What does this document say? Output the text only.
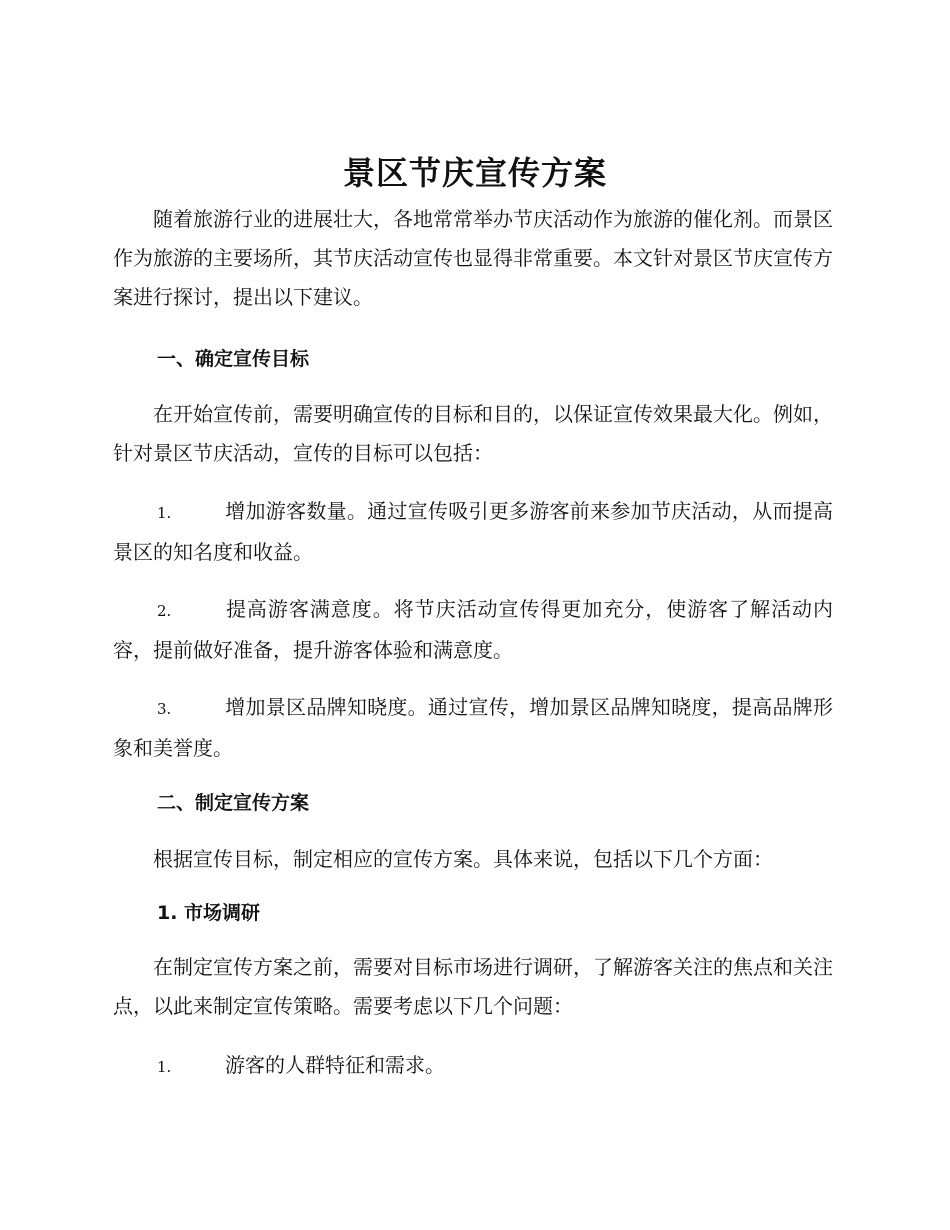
景区节庆宣传方案

随着旅游行业的进展壮大，各地常常举办节庆活动作为旅游的催化剂。而景区作为旅游的主要场所，其节庆活动宣传也显得非常重要。本文针对景区节庆宣传方案进行探讨，提出以下建议。

一、确定宣传目标

在开始宣传前，需要明确宣传的目标和目的，以保证宣传效果最大化。例如，针对景区节庆活动，宣传的目标可以包括：

1.	增加游客数量。通过宣传吸引更多游客前来参加节庆活动，从而提高景区的知名度和收益。

2.	提高游客满意度。将节庆活动宣传得更加充分，使游客了解活动内容，提前做好准备，提升游客体验和满意度。

3.	增加景区品牌知晓度。通过宣传，增加景区品牌知晓度，提高品牌形象和美誉度。

二、制定宣传方案

根据宣传目标，制定相应的宣传方案。具体来说，包括以下几个方面：

1. 市场调研

在制定宣传方案之前，需要对目标市场进行调研，了解游客关注的焦点和关注点，以此来制定宣传策略。需要考虑以下几个问题：

1.	游客的人群特征和需求。
